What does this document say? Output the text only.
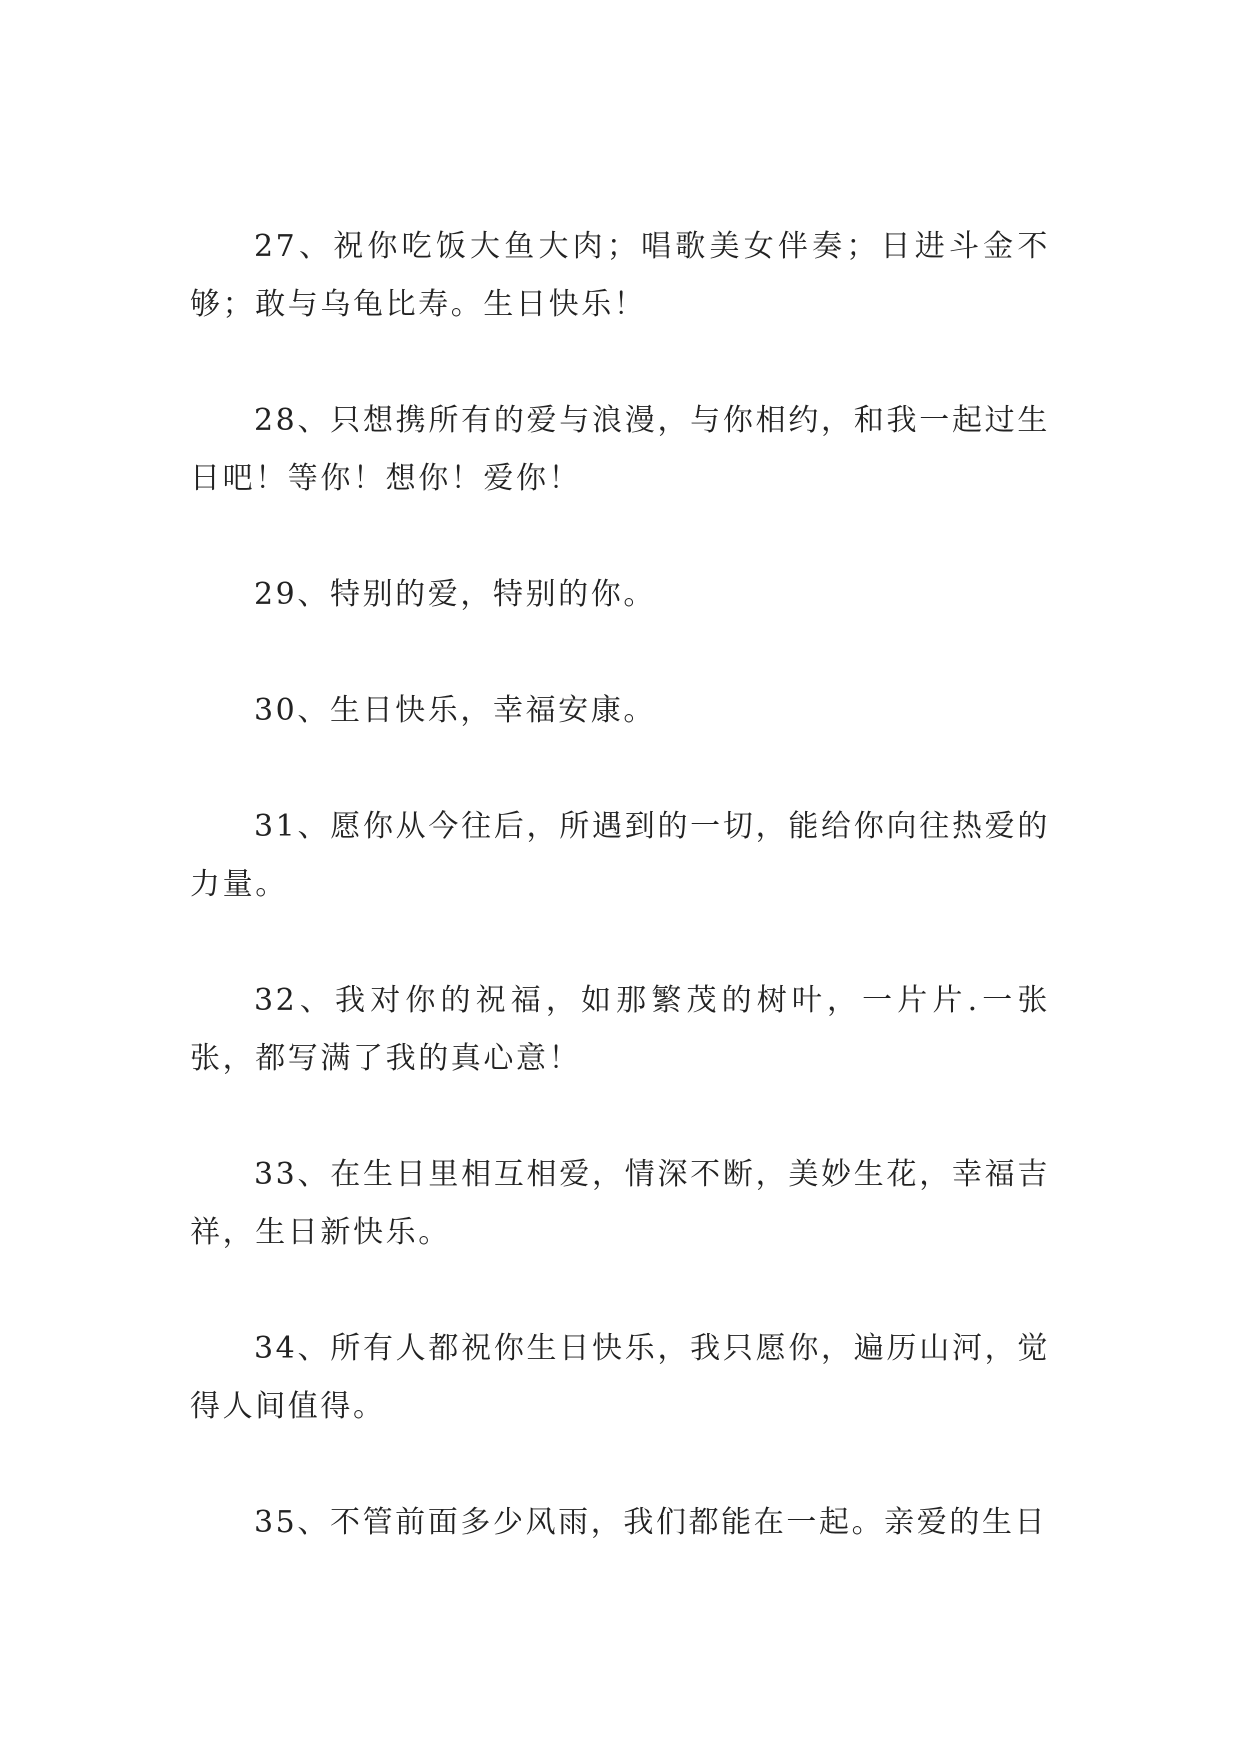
27、祝你吃饭大鱼大肉；唱歌美女伴奏；日进斗金不够；敢与乌龟比寿。生日快乐！

28、只想携所有的爱与浪漫，与你相约，和我一起过生日吧！等你！想你！爱你！

29、特别的爱，特别的你。

30、生日快乐，幸福安康。

31、愿你从今往后，所遇到的一切，能给你向往热爱的力量。

32、我对你的祝福，如那繁茂的树叶，一片片.一张张，都写满了我的真心意！

33、在生日里相互相爱，情深不断，美妙生花，幸福吉祥，生日新快乐。

34、所有人都祝你生日快乐，我只愿你，遍历山河，觉得人间值得。

35、不管前面多少风雨，我们都能在一起。亲爱的生日
